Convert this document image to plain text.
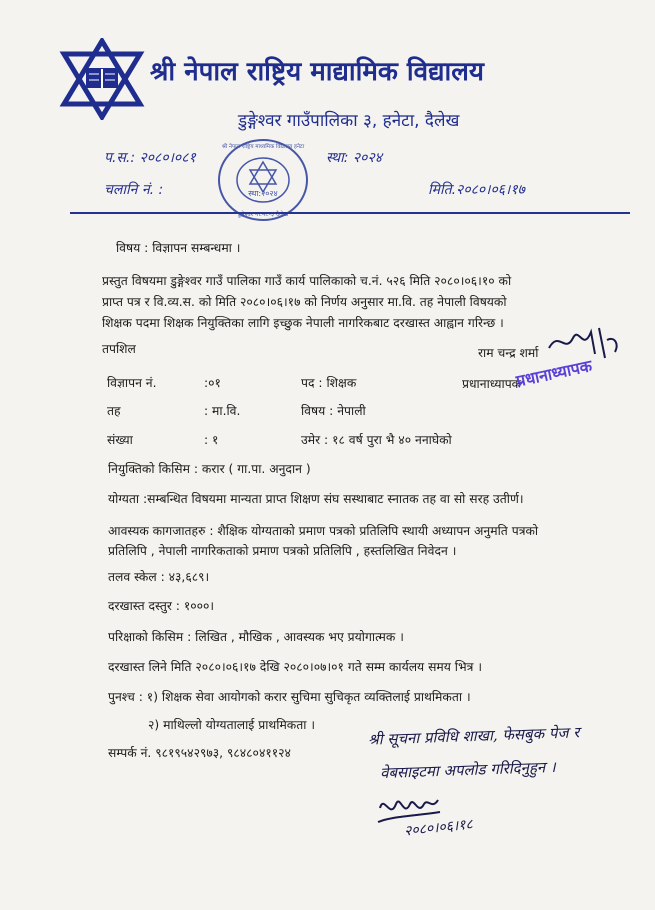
श्री नेपाल राष्ट्रिय माद्यामिक विद्यालय
डुङ्गेश्वर गाउँपालिका ३, हनेटा, दैलेख
प.स.: २०८०।०८१	स्था: २०२४
चलानि नं. :	मिति.२०८०।०६।१७
श्री नेपाल राष्ट्रिय माध्यमिक विद्यालय हनेटा
स्था:२०२४
डुङ्गेश्वर गा.पा.-३ दैलेख
विषय : विज्ञापन सम्बन्धमा ।
प्रस्तुत विषयमा डुङ्गेश्वर गाउँ पालिका गाउँ कार्य पालिकाको च.नं. ५२६ मिति २०८०।०६।१० को
प्राप्त पत्र र वि.व्य.स. को मिति २०८०।०६।१७ को निर्णय अनुसार मा.वि. तह नेपाली विषयको
शिक्षक पदमा शिक्षक नियुक्तिका लागि इच्छुक नेपाली नागरिकबाट दरखास्त आह्वान गरिन्छ ।
तपशिल	राम चन्द्र शर्मा
प्रधानाध्यापक
प्रधानाध्यापक
विज्ञापन नं.	:०१	पद : शिक्षक
तह	: मा.वि.	विषय : नेपाली
संख्या	: १	उमेर : १८ वर्ष पुरा भै ४० ननाघेको
नियुक्तिको किसिम : करार ( गा.पा. अनुदान )
योग्यता :सम्बन्धित विषयमा मान्यता प्राप्त शिक्षण संघ सस्थाबाट स्नातक तह वा सो सरह उतीर्ण।
आवस्यक कागजातहरु : शैक्षिक योग्यताको प्रमाण पत्रको प्रतिलिपि स्थायी अध्यापन अनुमति पत्रको
प्रतिलिपि , नेपाली नागरिकताको प्रमाण पत्रको प्रतिलिपि , हस्तलिखित निवेदन ।
तलव स्केल : ४३,६८९।
दरखास्त दस्तुर : १०००।
परिक्षाको किसिम : लिखित , मौखिक , आवस्यक भए प्रयोगात्मक ।
दरखास्त लिने मिति २०८०।०६।१७ देखि २०८०।०७।०१ गते सम्म कार्यलय समय भित्र ।
पुनश्च : १) शिक्षक सेवा आयोगको करार सुचिमा सुचिकृत व्यक्तिलाई प्राथमिकता ।
२) माथिल्लो योग्यतालाई प्राथमिकता ।
सम्पर्क नं. ९८१९५४२९७३, ९८४८०४११२४
श्री सूचना प्रविधि शाखा, फेसबुक पेज र
वेबसाइटमा अपलोड गरिदिनुहुन ।
२०८०।०६।१८
